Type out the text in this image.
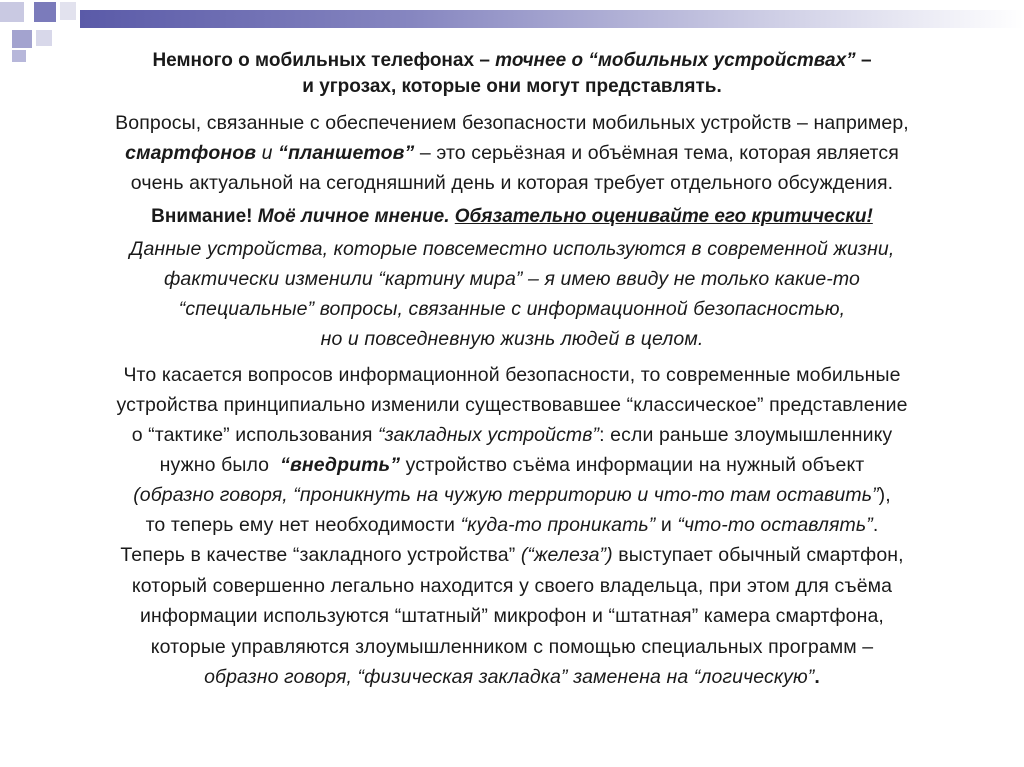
Немного о мобильных телефонах – точнее о “мобильных устройствах” –
и угрозах, которые они могут представлять.
Вопросы, связанные с обеспечением безопасности мобильных устройств – например,
смартфонов и “планшетов” – это серьёзная и объёмная тема, которая является
очень актуальной на сегодняшний день и которая требует отдельного обсуждения.
Внимание! Моё личное мнение. Обязательно оценивайте его критически!
Данные устройства, которые повсеместно используются в современной жизни,
фактически изменили “картину мира” – я имею ввиду не только какие-то
“специальные” вопросы, связанные с информационной безопасностью,
но и повседневную жизнь людей в целом.
Что касается вопросов информационной безопасности, то современные мобильные
устройства принципиально изменили существовавшее “классическое” представление
о “тактике” использования “закладных устройств”: если раньше злоумышленнику
нужно было  “внедрить” устройство съёма информации на нужный объект
(образно говоря, “проникнуть на чужую территорию и что-то там оставить”),
то теперь ему нет необходимости “куда-то проникать” и “что-то оставлять”.
Теперь в качестве “закладного устройства” (“железа”) выступает обычный смартфон,
который совершенно легально находится у своего владельца, при этом для съёма
информации используются “штатный” микрофон и “штатная” камера смартфона,
которые управляются злоумышленником с помощью специальных программ –
образно говоря, “физическая закладка” заменена на “логическую”.
